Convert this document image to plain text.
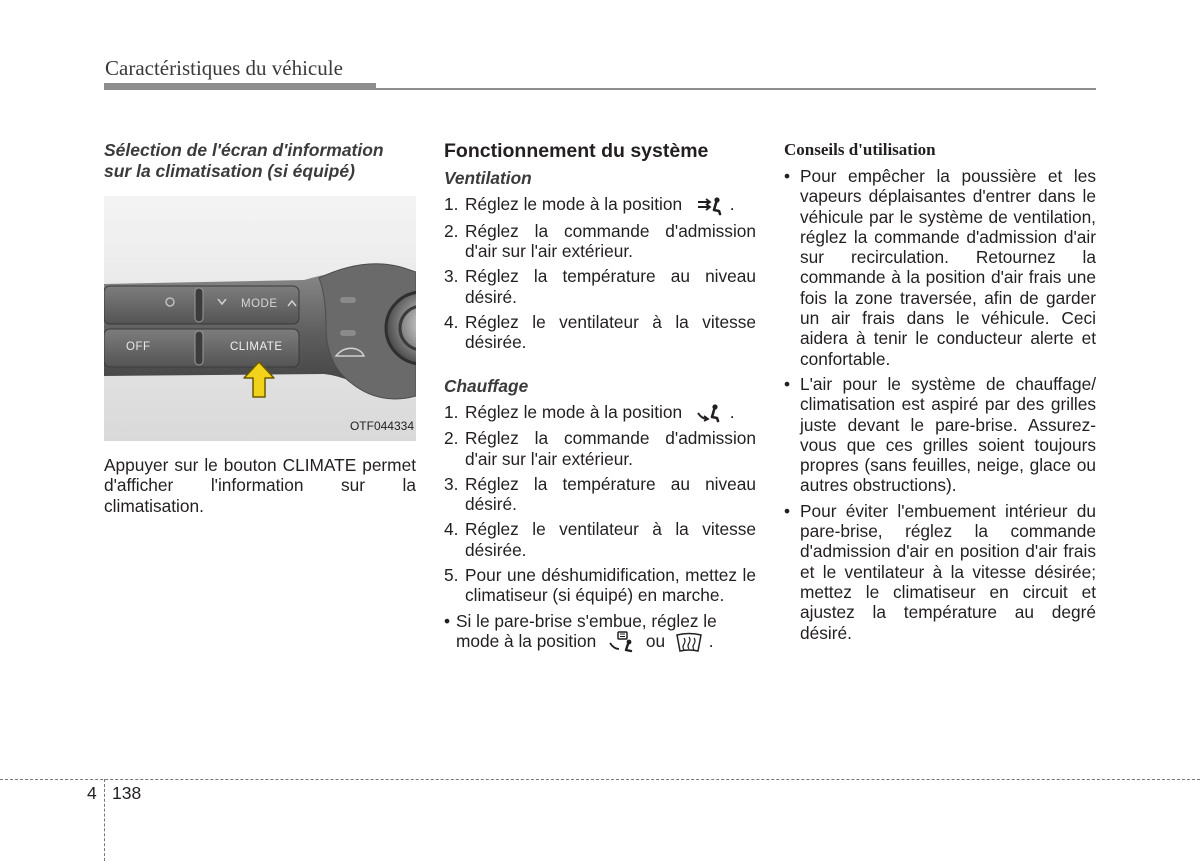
Caractéristiques du véhicule
Sélection de l'écran d'information
sur la climatisation (si équipé)
OFF
MODE
CLIMATE
OTF044334
Appuyer sur le bouton CLIMATE permet d'afficher l'information sur la climatisation.
Fonctionnement du système
Ventilation
1. Réglez le mode à la position	.
2. Réglez la commande d'admission d'air sur l'air extérieur.
3. Réglez la température au niveau désiré.
4. Réglez le ventilateur à la vitesse désirée.
Chauffage
1. Réglez le mode à la position	.
2. Réglez la commande d'admission d'air sur l'air extérieur.
3. Réglez la température au niveau désiré.
4. Réglez le ventilateur à la vitesse désirée.
5. Pour une déshumidification, mettez le climatiseur (si équipé) en marche.
• Si le pare-brise s'embue, réglez le
mode à la position	ou	.
Conseils d'utilisation
• Pour empêcher la poussière et les vapeurs déplaisantes d'entrer dans le véhicule par le système de ventilation, réglez la commande d'admission d'air sur recirculation. Retournez la commande à la position d'air frais une fois la zone traversée, afin de garder un air frais dans le véhicule. Ceci aidera à tenir le conducteur alerte et confortable.
• L'air pour le système de chauffage/ climatisation est aspiré par des grilles juste devant le pare-brise. Assurez-vous que ces grilles soient toujours propres (sans feuilles, neige, glace ou autres obstructions).
• Pour éviter l'embuement intérieur du pare-brise, réglez la commande d'admission d'air en position d'air frais et le ventilateur à la vitesse désirée; mettez le climatiseur en circuit et ajustez la température au degré désiré.
4 138
